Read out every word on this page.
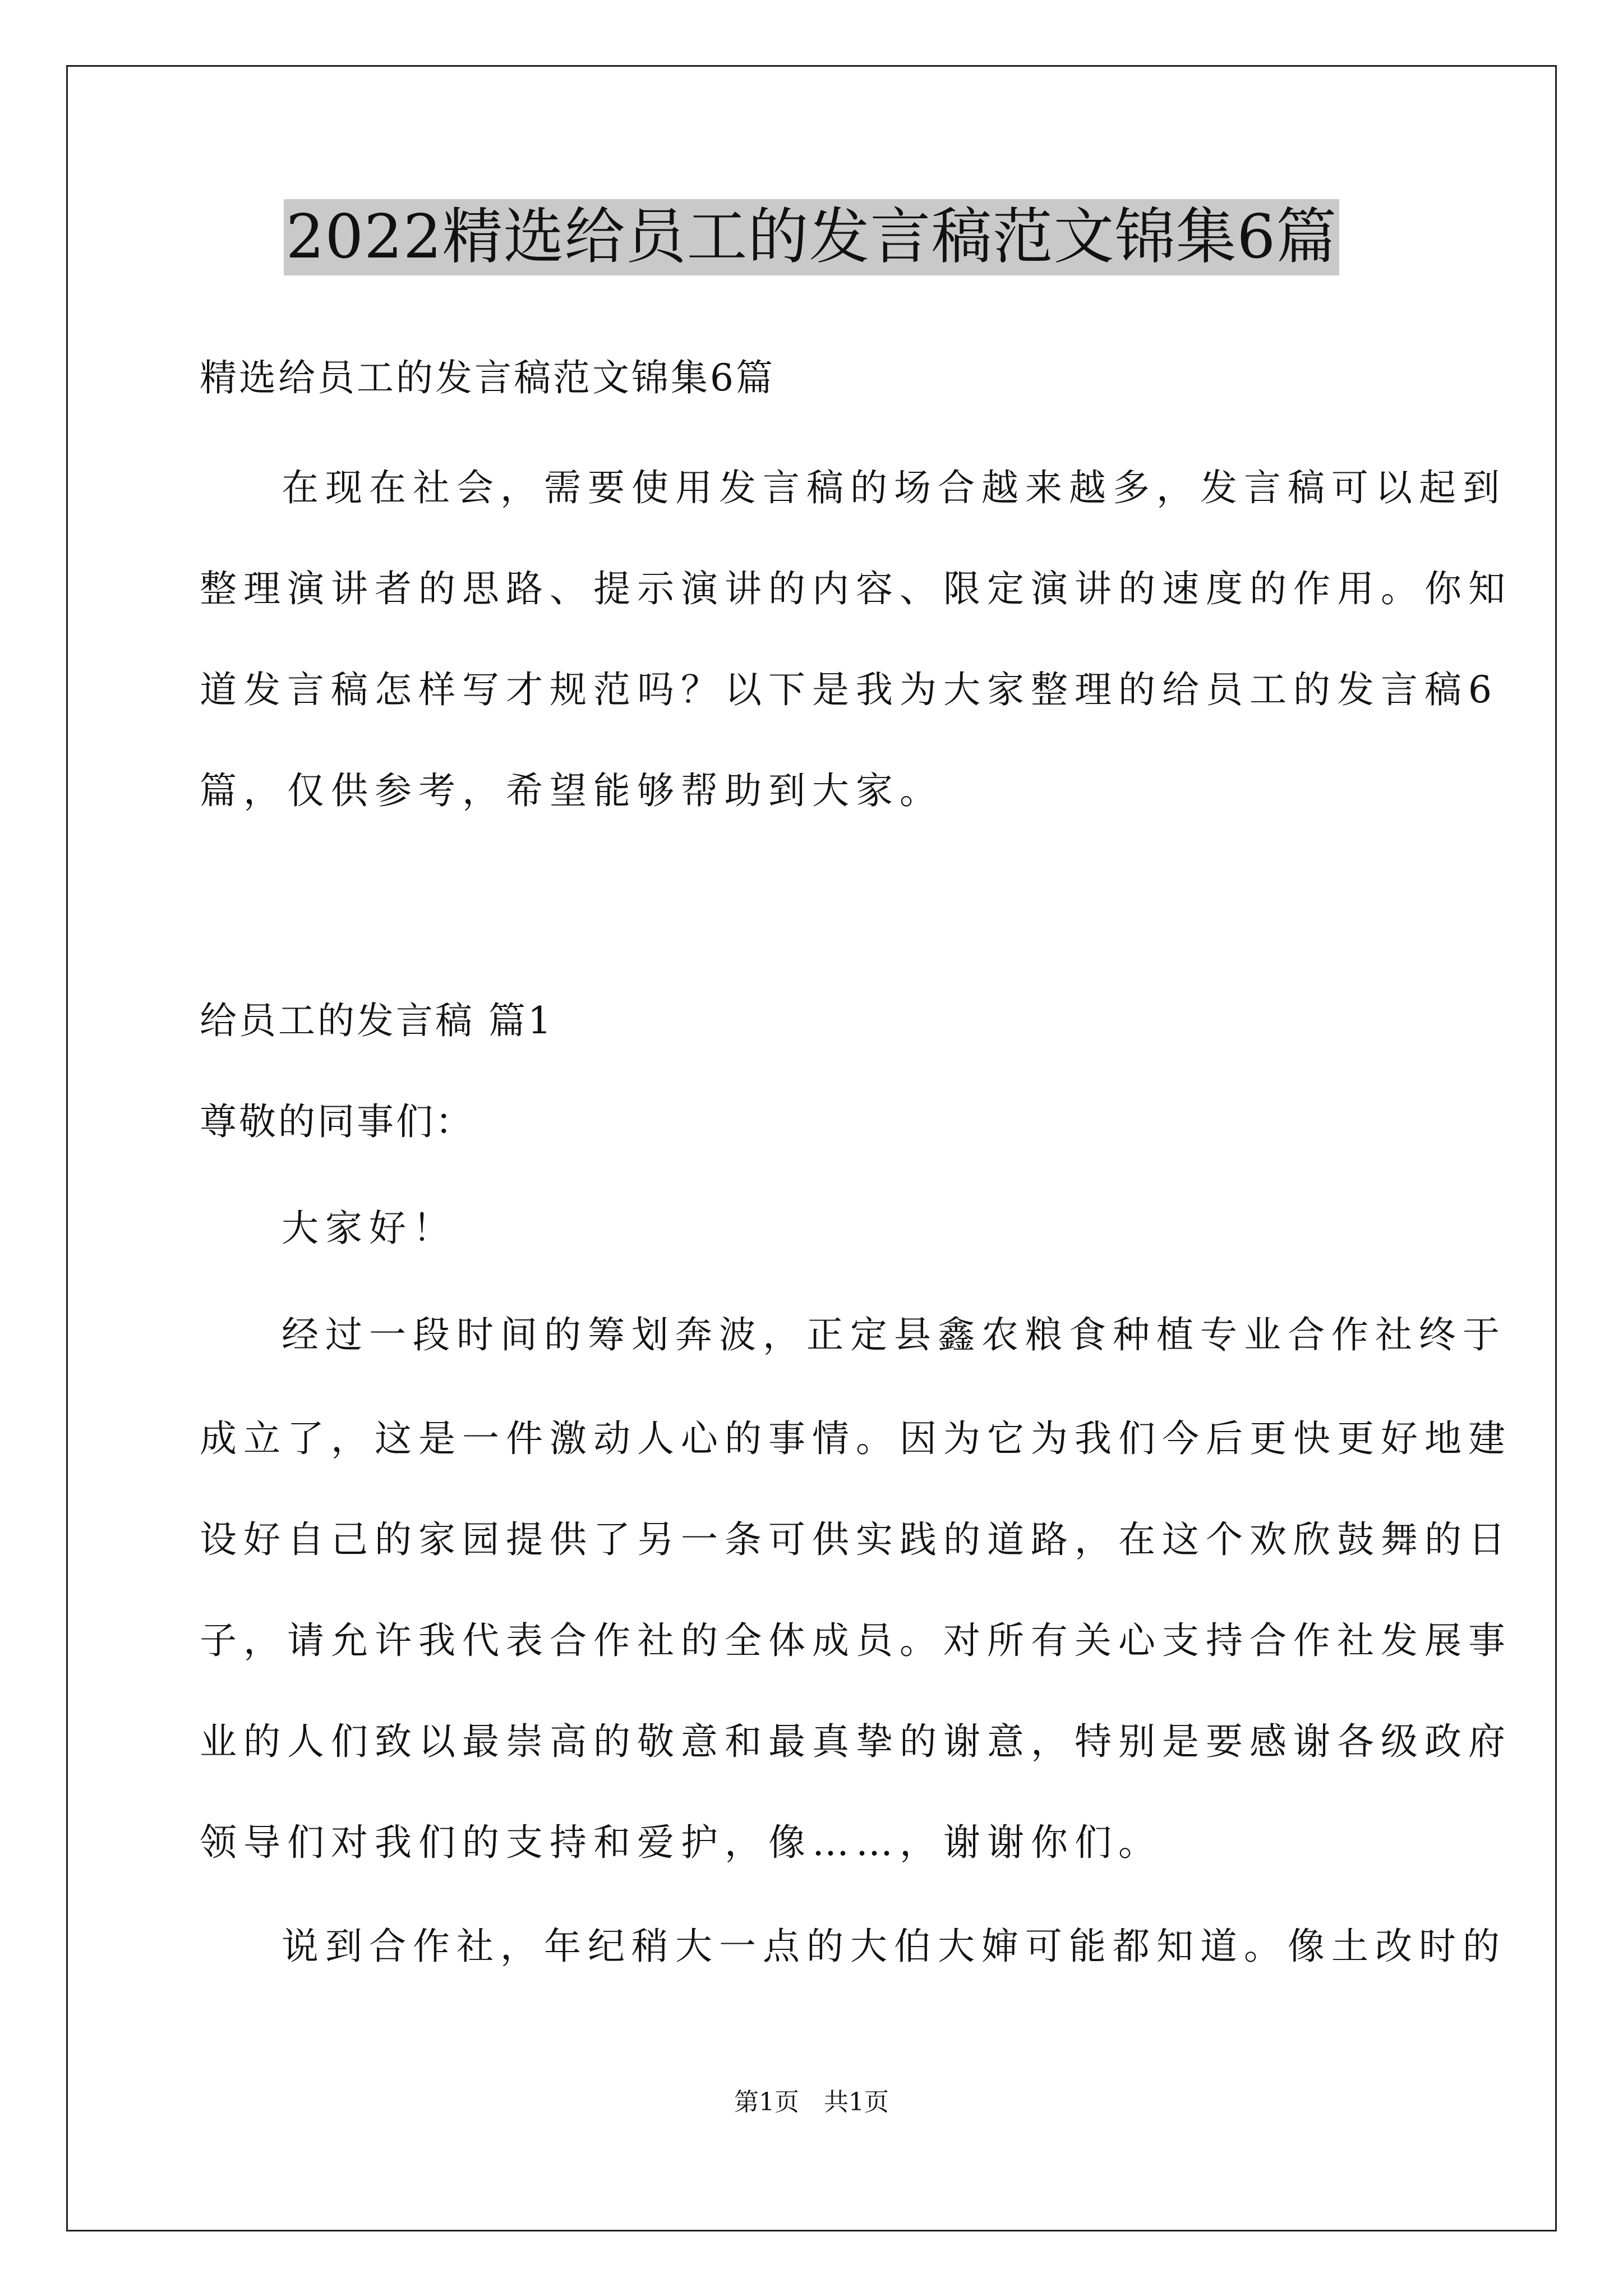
2022精选给员工的发言稿范文锦集6篇
精选给员工的发言稿范文锦集6篇
在现在社会，需要使用发言稿的场合越来越多，发言稿可以起到
整理演讲者的思路、提示演讲的内容、限定演讲的速度的作用。你知
道发言稿怎样写才规范吗？以下是我为大家整理的给员工的发言稿6
篇，仅供参考，希望能够帮助到大家。
给员工的发言稿 篇1
尊敬的同事们：
大家好！
经过一段时间的筹划奔波，正定县鑫农粮食种植专业合作社终于
成立了，这是一件激动人心的事情。因为它为我们今后更快更好地建
设好自己的家园提供了另一条可供实践的道路，在这个欢欣鼓舞的日
子，请允许我代表合作社的全体成员。对所有关心支持合作社发展事
业的人们致以最崇高的敬意和最真挚的谢意，特别是要感谢各级政府
领导们对我们的支持和爱护，像……，谢谢你们。
说到合作社，年纪稍大一点的大伯大婶可能都知道。像土改时的
第1页　共1页
